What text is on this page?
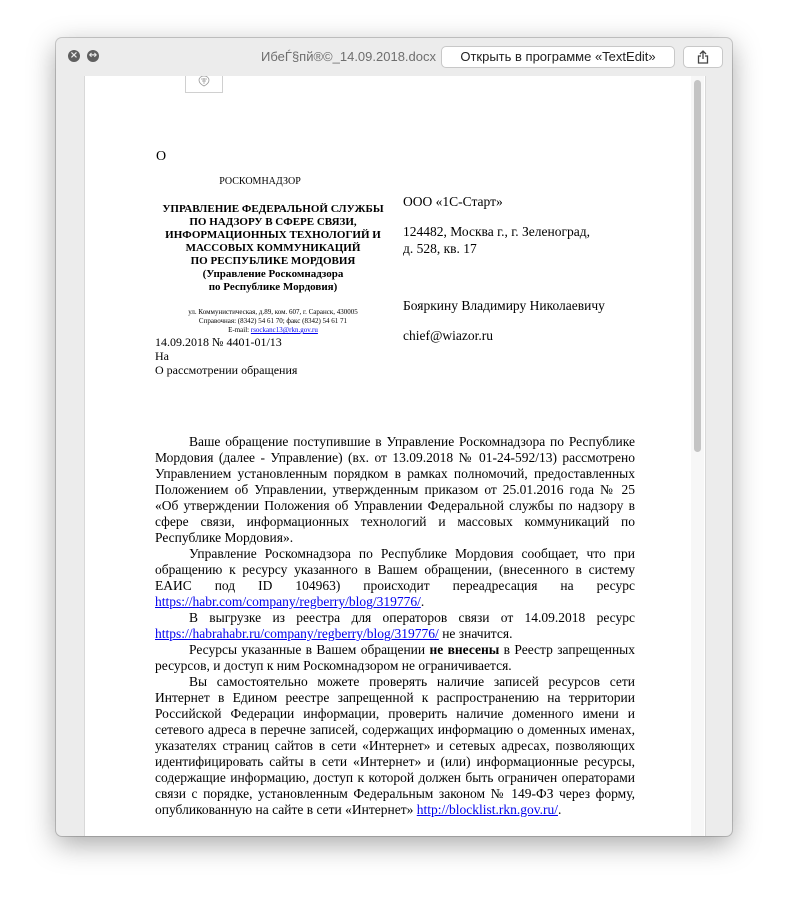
× ↔	ИбеЃ§пй®©_14.09.2018.docx	Открыть в программе «TextEdit»
О
РОСКОМНАДЗОР
УПРАВЛЕНИЕ ФЕДЕРАЛЬНОЙ СЛУЖБЫ
ПО НАДЗОРУ В СФЕРЕ СВЯЗИ,
ИНФОРМАЦИОННЫХ ТЕХНОЛОГИЙ И
МАССОВЫХ КОММУНИКАЦИЙ
ПО РЕСПУБЛИКЕ МОРДОВИЯ
(Управление Роскомнадзора
по Республике Мордовия)
ул. Коммунистическая, д.89, ком. 607, г. Саранск, 430005
Справочная: (8342) 54 61 70; факс (8342) 54 61 71
E-mail: rsockanc13@rkn.gov.ru
14.09.2018 № 4401-01/13
На
О рассмотрении обращения
ООО «1С-Старт»
124482, Москва г., г. Зеленоград,
д. 528, кв. 17
Бояркину Владимиру Николаевичу
chief@wiazor.ru

Ваше обращение поступившие в Управление Роскомнадзора по Республике Мордовия (далее - Управление) (вх. от 13.09.2018 № 01-24-592/13) рассмотрено Управлением установленным порядком в рамках полномочий, предоставленных Положением об Управлении, утвержденным приказом от 25.01.2016 года № 25 «Об утверждении Положения об Управлении Федеральной службы по надзору в сфере связи, информационных технологий и массовых коммуникаций по Республике Мордовия».

Управление Роскомнадзора по Республике Мордовия сообщает, что при обращению к ресурсу указанного в Вашем обращении, (внесенного в систему ЕАИС под ID 104963) происходит переадресация на ресурс https://habr.com/company/regberry/blog/319776/.

В выгрузке из реестра для операторов связи от 14.09.2018 ресурс https://habrahabr.ru/company/regberry/blog/319776/ не значится.

Ресурсы указанные в Вашем обращении не внесены в Реестр запрещенных ресурсов, и доступ к ним Роскомнадзором не ограничивается.

Вы самостоятельно можете проверять наличие записей ресурсов сети Интернет в Едином реестре запрещенной к распространению на территории Российской Федерации информации, проверить наличие доменного имени и сетевого адреса в перечне записей, содержащих информацию о доменных именах, указателях страниц сайтов в сети «Интернет» и сетевых адресах, позволяющих идентифицировать сайты в сети «Интернет» и (или) информационные ресурсы, содержащие информацию, доступ к которой должен быть ограничен операторами связи с порядке, установленным Федеральным законом № 149-ФЗ через форму, опубликованную на сайте в сети «Интернет» http://blocklist.rkn.gov.ru/.
